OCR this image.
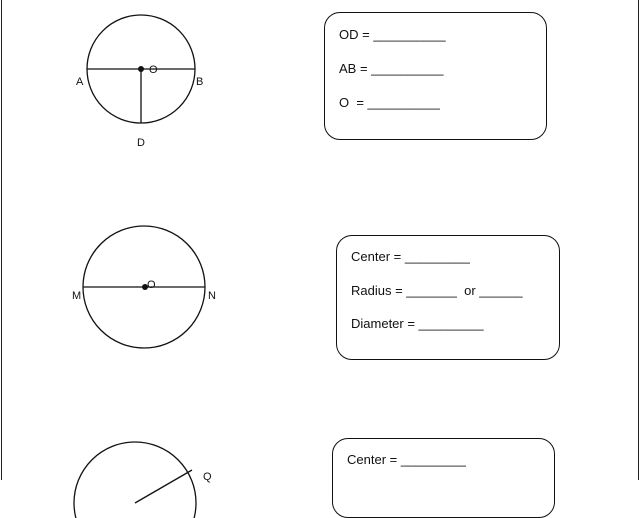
O
A	B
D
OD = __________
AB = __________
O  = __________
O
M	N
Center = _________
Radius = _______  or ______
Diameter = _________
Q
Center = _________
